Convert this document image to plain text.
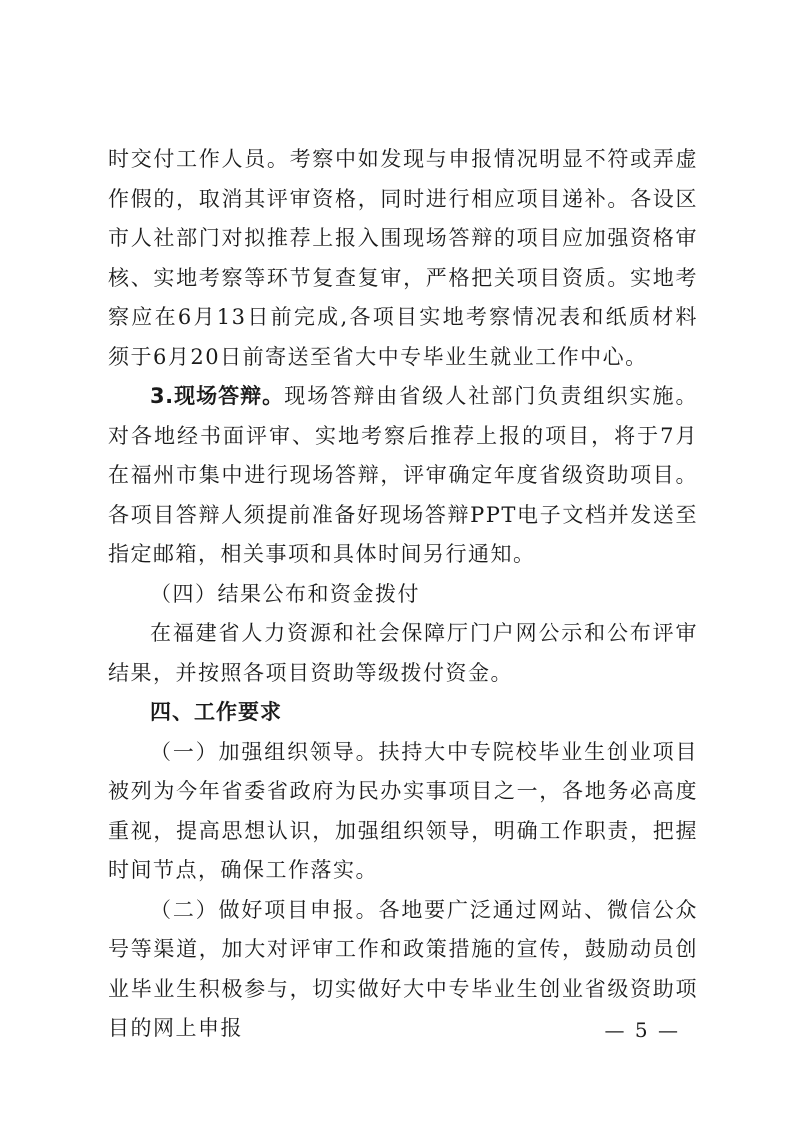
时交付工作人员。考察中如发现与申报情况明显不符或弄虚作假的，取消其评审资格，同时进行相应项目递补。各设区市人社部门对拟推荐上报入围现场答辩的项目应加强资格审核、实地考察等环节复查复审，严格把关项目资质。实地考察应在6月13日前完成,各项目实地考察情况表和纸质材料须于6月20日前寄送至省大中专毕业生就业工作中心。

3.现场答辩。现场答辩由省级人社部门负责组织实施。对各地经书面评审、实地考察后推荐上报的项目，将于7月在福州市集中进行现场答辩，评审确定年度省级资助项目。各项目答辩人须提前准备好现场答辩PPT电子文档并发送至指定邮箱，相关事项和具体时间另行通知。

（四）结果公布和资金拨付

在福建省人力资源和社会保障厅门户网公示和公布评审结果，并按照各项目资助等级拨付资金。

四、工作要求

（一）加强组织领导。扶持大中专院校毕业生创业项目被列为今年省委省政府为民办实事项目之一，各地务必高度重视，提高思想认识，加强组织领导，明确工作职责，把握时间节点，确保工作落实。

（二）做好项目申报。各地要广泛通过网站、微信公众号等渠道，加大对评审工作和政策措施的宣传，鼓励动员创业毕业生积极参与，切实做好大中专毕业生创业省级资助项目的网上申报	— 5 —
